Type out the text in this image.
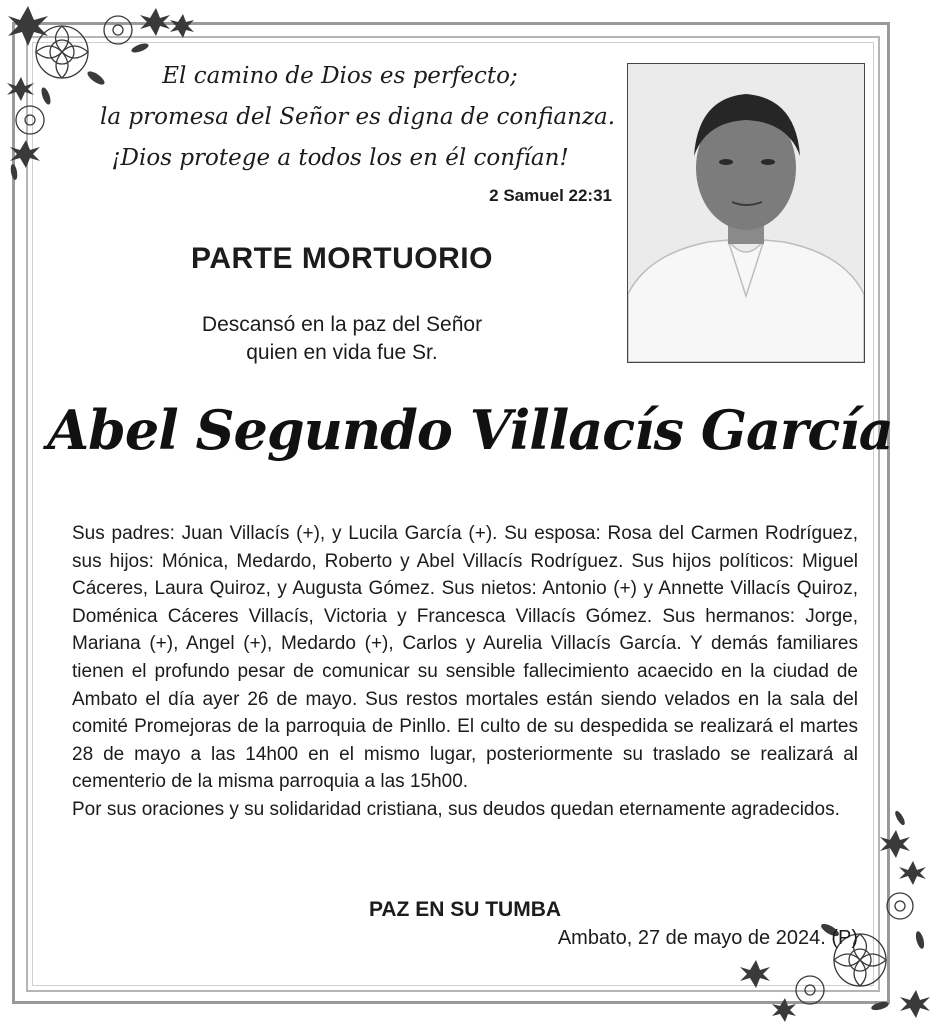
El camino de Dios es perfecto;
la promesa del Señor es digna de confianza.
¡Dios protege a todos los en él confían!
2 Samuel 22:31
PARTE MORTUORIO
Descansó en la paz del Señor
quien en vida fue Sr.
Abel Segundo Villacís García

Sus padres: Juan Villacís (+), y Lucila García (+). Su esposa: Rosa del Carmen Rodríguez, sus hijos: Mónica, Medardo, Roberto y Abel Villacís Rodríguez. Sus hijos políticos: Miguel Cáceres, Laura Quiroz, y Augusta Gómez. Sus nietos: Antonio (+) y Annette Villacís Quiroz, Doménica Cáceres Villacís, Victoria y Francesca Villacís Gómez. Sus hermanos: Jorge, Mariana (+), Angel (+), Medardo (+), Carlos y Aurelia Villacís García. Y demás familiares tienen el profundo pesar de comunicar su sensible fallecimiento acaecido en la ciudad de Ambato el día ayer 26 de mayo. Sus restos mortales están siendo velados en la sala del comité Promejoras de la parroquia de Pinllo. El culto de su despedida se realizará el martes 28 de mayo a las 14h00 en el mismo lugar, posteriormente su traslado se realizará al cementerio de la misma parroquia a las 15h00.

Por sus oraciones y su solidaridad cristiana, sus deudos quedan eternamente agradecidos.

PAZ EN SU TUMBA
Ambato, 27 de mayo de 2024. (P)
